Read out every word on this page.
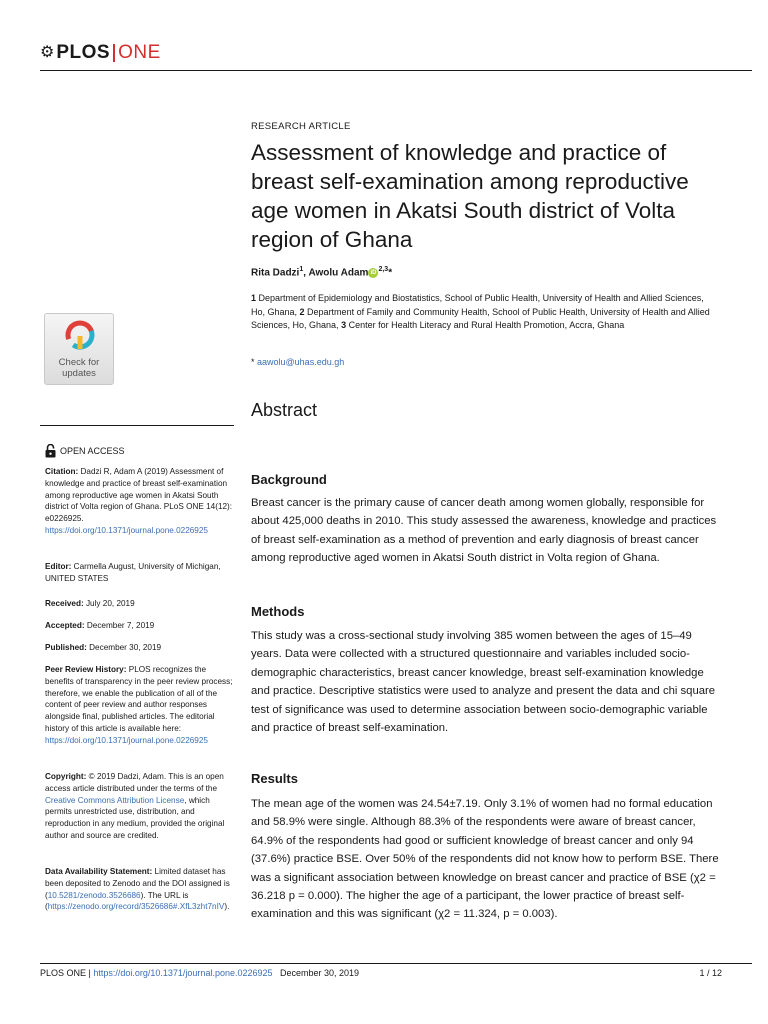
⚙ PLOS ONE
RESEARCH ARTICLE
Assessment of knowledge and practice of breast self-examination among reproductive age women in Akatsi South district of Volta region of Ghana
Rita Dadzi$^1$, Awolu Adam iD $^{2,3}$*
1 Department of Epidemiology and Biostatistics, School of Public Health, University of Health and Allied Sciences, Ho, Ghana, 2 Department of Family and Community Health, School of Public Health, University of Health and Allied Sciences, Ho, Ghana, 3 Center for Health Literacy and Rural Health Promotion, Accra, Ghana
* aawolu@uhas.edu.gh
Abstract
Background

Breast cancer is the primary cause of cancer death among women globally, responsible for about 425,000 deaths in 2010. This study assessed the awareness, knowledge and practices of breast self-examination as a method of prevention and early diagnosis of breast cancer among reproductive aged women in Akatsi South district in Volta region of Ghana.

Methods

This study was a cross-sectional study involving 385 women between the ages of 15–49 years. Data were collected with a structured questionnaire and variables included socio-demographic characteristics, breast cancer knowledge, breast self-examination knowledge and practice. Descriptive statistics were used to analyze and present the data and chi square test of significance was used to determine association between socio-demographic variable and practice of breast self-examination.

Results

The mean age of the women was 24.54±7.19. Only 3.1% of women had no formal education and 58.9% were single. Although 88.3% of the respondents were aware of breast cancer, 64.9% of the respondents had good or sufficient knowledge of breast cancer and only 94 (37.6%) practice BSE. Over 50% of the respondents did not know how to perform BSE. There was a significant association between knowledge on breast cancer and practice of BSE (χ2 = 36.218 p = 0.000). The higher the age of a participant, the lower practice of breast self-examination and this was significant (χ2 = 11.324, p = 0.003).

Check for updates
OPEN ACCESS
Citation: Dadzi R, Adam A (2019) Assessment of knowledge and practice of breast self-examination among reproductive age women in Akatsi South district of Volta region of Ghana. PLoS ONE 14(12): e0226925. https://doi.org/10.1371/journal.pone.0226925
Editor: Carmella August, University of Michigan, UNITED STATES
Received: July 20, 2019
Accepted: December 7, 2019
Published: December 30, 2019
Peer Review History: PLOS recognizes the benefits of transparency in the peer review process; therefore, we enable the publication of all of the content of peer review and author responses alongside final, published articles. The editorial history of this article is available here: https://doi.org/10.1371/journal.pone.0226925
Copyright: © 2019 Dadzi, Adam. This is an open access article distributed under the terms of the Creative Commons Attribution License, which permits unrestricted use, distribution, and reproduction in any medium, provided the original author and source are credited.
Data Availability Statement: Limited dataset has been deposited to Zenodo and the DOI assigned is (10.5281/zenodo.3526686). The URL is (https://zenodo.org/record/3526686#.XfL3zht7nIV).
PLOS ONE | https://doi.org/10.1371/journal.pone.0226925   December 30, 2019	1 / 12
